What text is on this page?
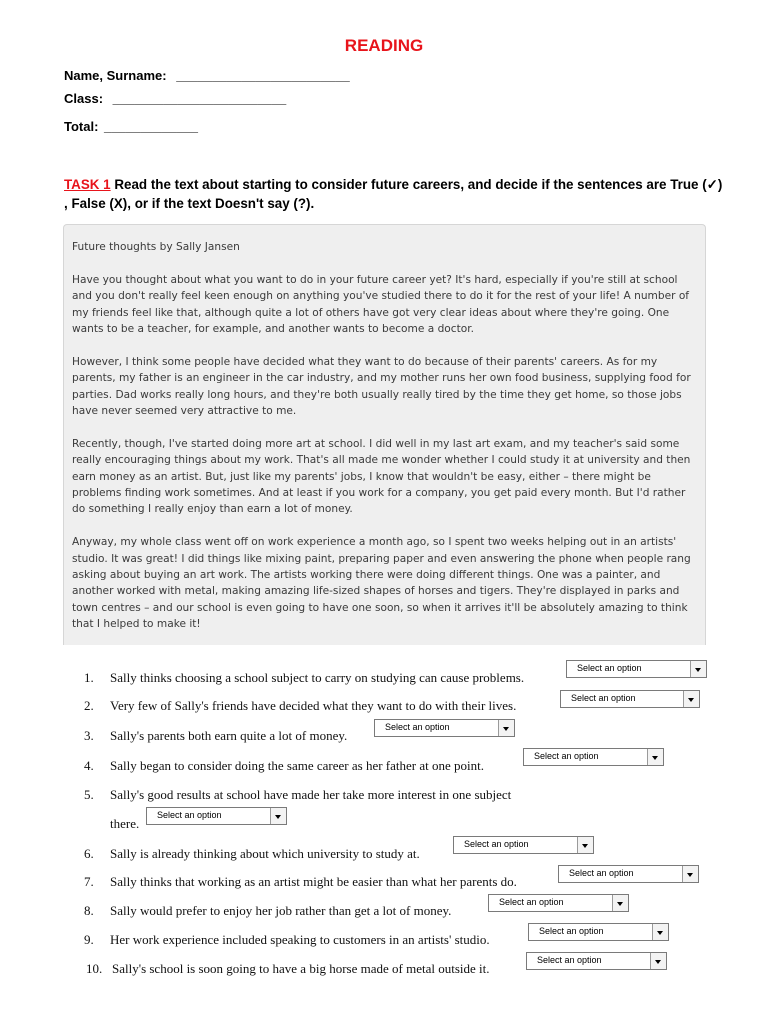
READING
Name, Surname: ________________________
Class: ________________________
Total: _____________
TASK 1 Read the text about starting to consider future careers, and decide if the sentences are True (✓) , False (X), or if the text Doesn't say (?).

Future thoughts by Sally Jansen

Have you thought about what you want to do in your future career yet? It's hard, especially if you're still at school and you don't really feel keen enough on anything you've studied there to do it for the rest of your life! A number of my friends feel like that, although quite a lot of others have got very clear ideas about where they're going. One wants to be a teacher, for example, and another wants to become a doctor.

However, I think some people have decided what they want to do because of their parents' careers. As for my parents, my father is an engineer in the car industry, and my mother runs her own food business, supplying food for parties. Dad works really long hours, and they're both usually really tired by the time they get home, so those jobs have never seemed very attractive to me.

Recently, though, I've started doing more art at school. I did well in my last art exam, and my teacher's said some really encouraging things about my work. That's all made me wonder whether I could study it at university and then earn money as an artist. But, just like my parents' jobs, I know that wouldn't be easy, either – there might be problems finding work sometimes. And at least if you work for a company, you get paid every month. But I'd rather do something I really enjoy than earn a lot of money.

Anyway, my whole class went off on work experience a month ago, so I spent two weeks helping out in an artists' studio. It was great! I did things like mixing paint, preparing paper and even answering the phone when people rang asking about buying an art work. The artists working there were doing different things. One was a painter, and another worked with metal, making amazing life-sized shapes of horses and tigers. They're displayed in parks and town centres – and our school is even going to have one soon, so when it arrives it'll be absolutely amazing to think that I helped to make it!

1. Sally thinks choosing a school subject to carry on studying can cause problems.
Select an option
2. Very few of Sally's friends have decided what they want to do with their lives.	Select an option
3. Sally's parents both earn quite a lot of money.
Select an option
4. Sally began to consider doing the same career as her father at one point.
Select an option
5. Sally's good results at school have made her take more interest in one subject
there.
Select an option
6. Sally is already thinking about which university to study at.
Select an option
7. Sally thinks that working as an artist might be easier than what her parents do.
Select an option
8. Sally would prefer to enjoy her job rather than get a lot of money.
Select an option
9. Her work experience included speaking to customers in an artists' studio.
Select an option
10. Sally's school is soon going to have a big horse made of metal outside it.
Select an option
